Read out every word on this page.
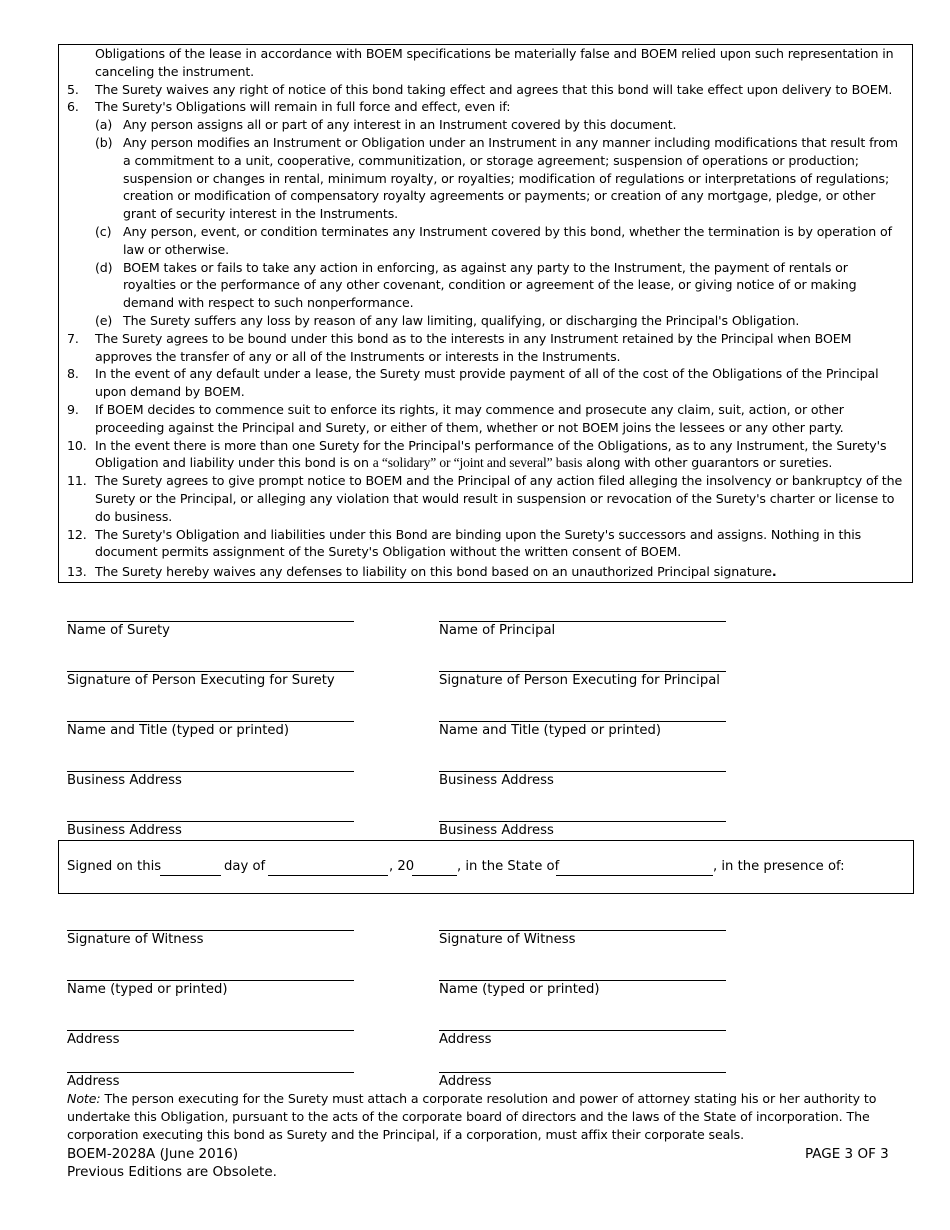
Obligations of the lease in accordance with BOEM specifications be materially false and BOEM relied upon such representation in canceling the instrument.
5.	The Surety waives any right of notice of this bond taking effect and agrees that this bond will take effect upon delivery to BOEM.
6.	The Surety's Obligations will remain in full force and effect, even if:
(a) Any person assigns all or part of any interest in an Instrument covered by this document.
(b) Any person modifies an Instrument or Obligation under an Instrument in any manner including modifications that result from a commitment to a unit, cooperative, communitization, or storage agreement; suspension of operations or production; suspension or changes in rental, minimum royalty, or royalties; modification of regulations or interpretations of regulations; creation or modification of compensatory royalty agreements or payments; or creation of any mortgage, pledge, or other grant of security interest in the Instruments.
(c) Any person, event, or condition terminates any Instrument covered by this bond, whether the termination is by operation of law or otherwise.
(d) BOEM takes or fails to take any action in enforcing, as against any party to the Instrument, the payment of rentals or royalties or the performance of any other covenant, condition or agreement of the lease, or giving notice of or making demand with respect to such nonperformance.
(e) The Surety suffers any loss by reason of any law limiting, qualifying, or discharging the Principal's Obligation.
7.	The Surety agrees to be bound under this bond as to the interests in any Instrument retained by the Principal when BOEM approves the transfer of any or all of the Instruments or interests in the Instruments.
8.	In the event of any default under a lease, the Surety must provide payment of all of the cost of the Obligations of the Principal upon demand by BOEM.
9.	If BOEM decides to commence suit to enforce its rights, it may commence and prosecute any claim, suit, action, or other proceeding against the Principal and Surety, or either of them, whether or not BOEM joins the lessees or any other party.
10. In the event there is more than one Surety for the Principal's performance of the Obligations, as to any Instrument, the Surety's Obligation and liability under this bond is on a “solidary” or “joint and several” basis along with other guarantors or sureties.
11. The Surety agrees to give prompt notice to BOEM and the Principal of any action filed alleging the insolvency or bankruptcy of the Surety or the Principal, or alleging any violation that would result in suspension or revocation of the Surety's charter or license to do business.
12. The Surety's Obligation and liabilities under this Bond are binding upon the Surety's successors and assigns. Nothing in this document permits assignment of the Surety's Obligation without the written consent of BOEM.
13. The Surety hereby waives any defenses to liability on this bond based on an unauthorized Principal signature.
Name of Surety	Name of Principal
Signature of Person Executing for Surety	Signature of Person Executing for Principal
Name and Title (typed or printed)	Name and Title (typed or printed)
Business Address	Business Address
Business Address	Business Address
Signed on this	day of	, 20	, in the State of	, in the presence of:
Signature of Witness	Signature of Witness
Name (typed or printed)	Name (typed or printed)
Address	Address
Address	Address
Note: The person executing for the Surety must attach a corporate resolution and power of attorney stating his or her authority to undertake this Obligation, pursuant to the acts of the corporate board of directors and the laws of the State of incorporation. The corporation executing this bond as Surety and the Principal, if a corporation, must affix their corporate seals.
BOEM-2028A (June 2016)
Previous Editions are Obsolete.
PAGE 3 OF 3
